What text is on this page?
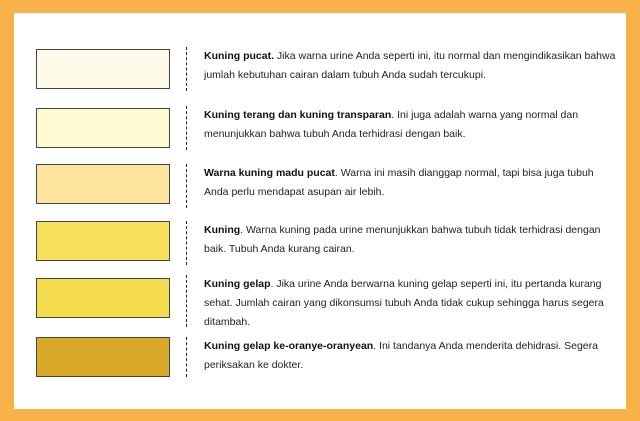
Kuning pucat. Jika warna urine Anda seperti ini, itu normal dan mengindikasikan bahwa jumlah kebutuhan cairan dalam tubuh Anda sudah tercukupi.
Kuning terang dan kuning transparan. Ini juga adalah warna yang normal dan menunjukkan bahwa tubuh Anda terhidrasi dengan baik.
Warna kuning madu pucat. Warna ini masih dianggap normal, tapi bisa juga tubuh Anda perlu mendapat asupan air lebih.
Kuning. Warna kuning pada urine menunjukkan bahwa tubuh tidak terhidrasi dengan baik. Tubuh Anda kurang cairan.
Kuning gelap. Jika urine Anda berwarna kuning gelap seperti ini, itu pertanda kurang sehat. Jumlah cairan yang dikonsumsi tubuh Anda tidak cukup sehingga harus segera ditambah.
Kuning gelap ke-oranye-oranyean. Ini tandanya Anda menderita dehidrasi. Segera periksakan ke dokter.
